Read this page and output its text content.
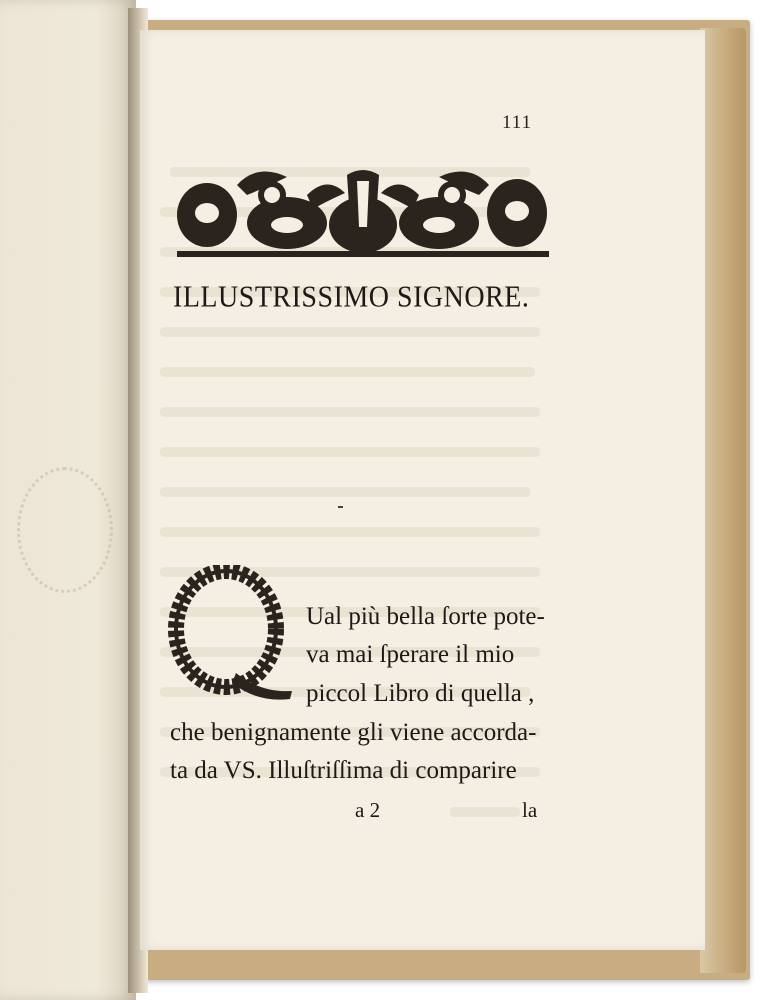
111
ILLUSTRISSIMO SIGNORE.
Q
Ual più bella ſorte pote-
va mai ſperare il mio
piccol Libro di quella ,
che benignamente gli viene accorda-
ta da VS. Illuſtriſſima di comparire
a 2	la
